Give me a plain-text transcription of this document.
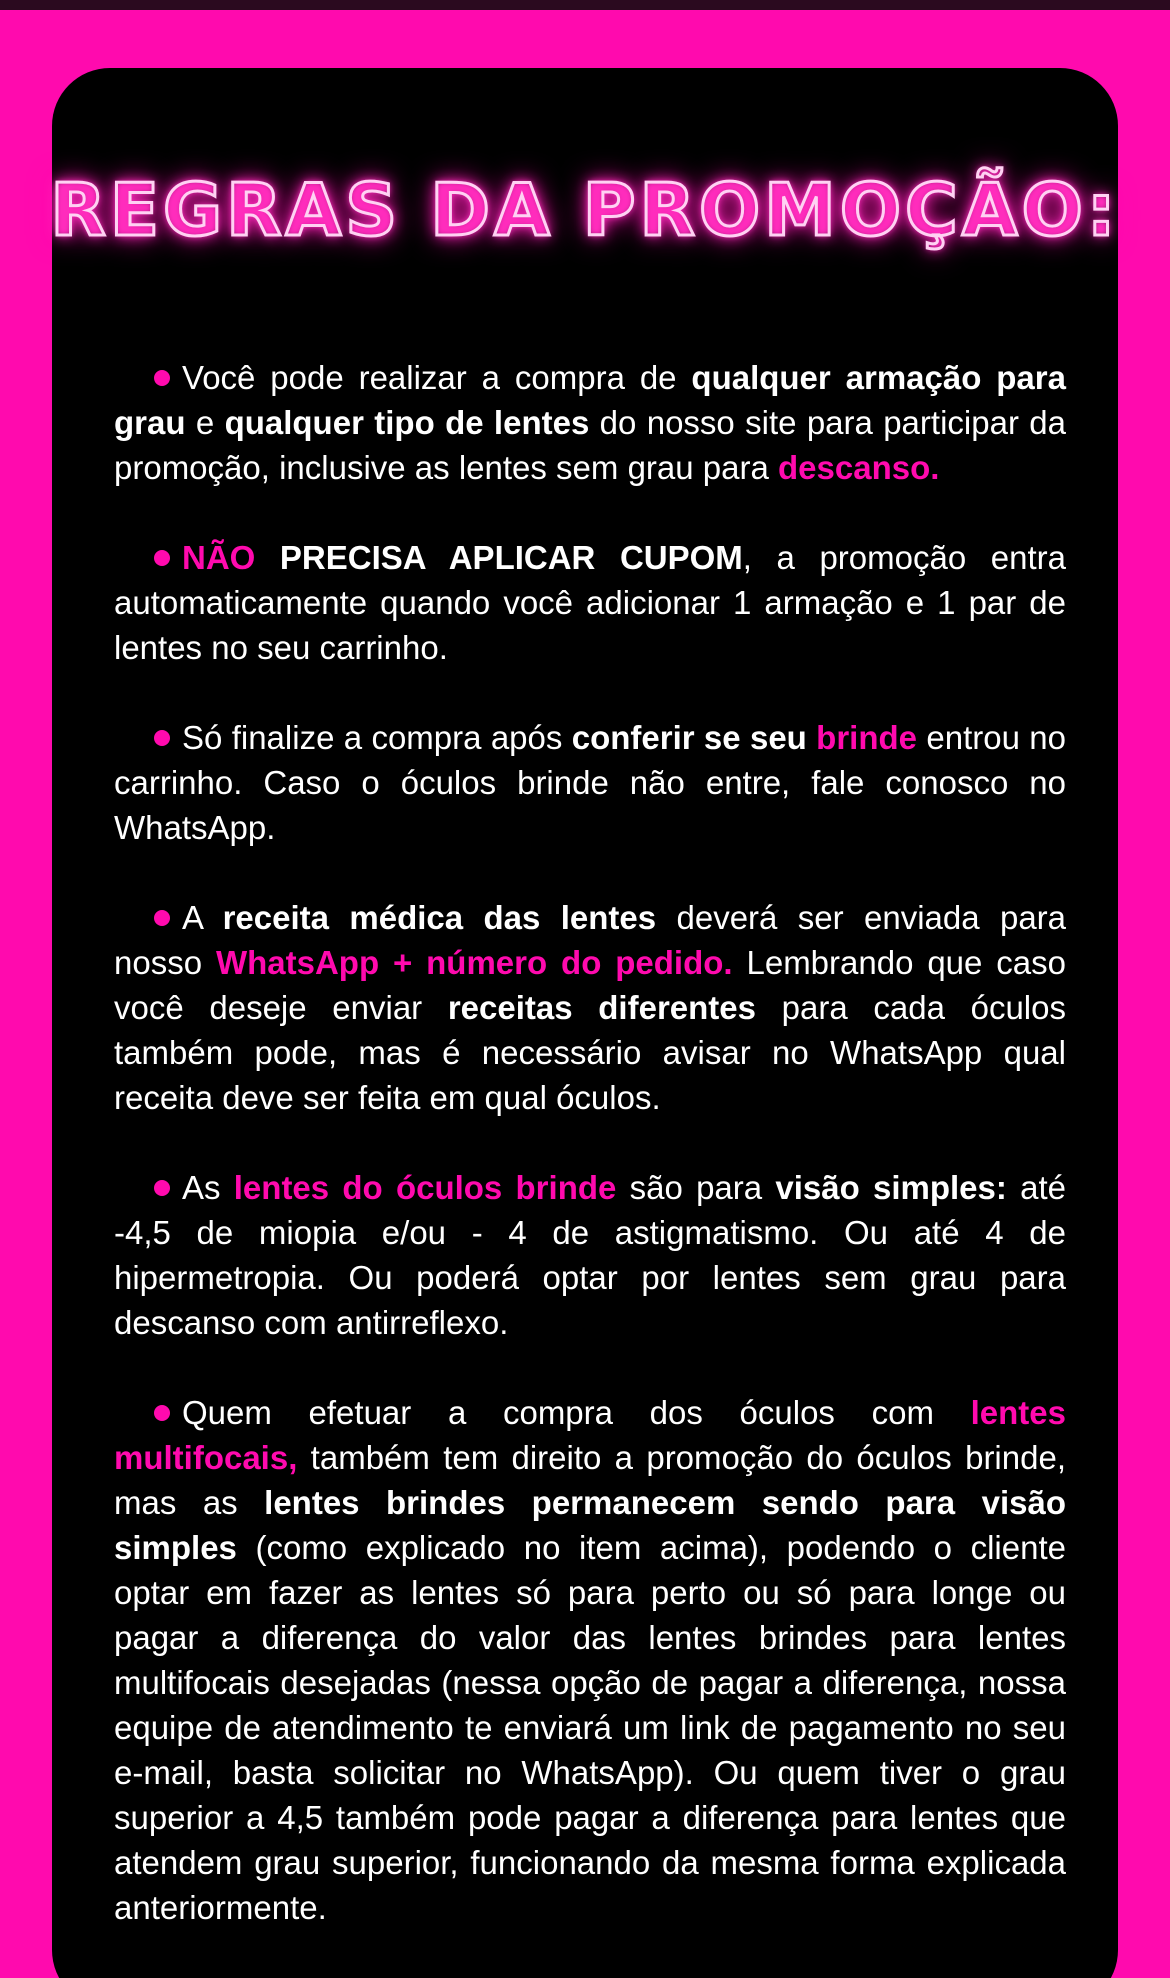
REGRAS DA PROMOÇÃO:

Você pode realizar a compra de qualquer armação para grau e qualquer tipo de lentes do nosso site para participar da promoção, inclusive as lentes sem grau para descanso.

NÃO PRECISA APLICAR CUPOM, a promoção entra automaticamente quando você adicionar 1 armação e 1 par de lentes no seu carrinho.

Só finalize a compra após conferir se seu brinde entrou no carrinho. Caso o óculos brinde não entre, fale conosco no WhatsApp.

A receita médica das lentes deverá ser enviada para nosso WhatsApp + número do pedido. Lembrando que caso você deseje enviar receitas diferentes para cada óculos também pode, mas é necessário avisar no WhatsApp qual receita deve ser feita em qual óculos.

As lentes do óculos brinde são para visão simples: até -4,5 de miopia e/ou - 4 de astigmatismo. Ou até 4 de hipermetropia. Ou poderá optar por lentes sem grau para descanso com antirreflexo.

Quem efetuar a compra dos óculos com lentes multifocais, também tem direito a promoção do óculos brinde, mas as lentes brindes permanecem sendo para visão simples (como explicado no item acima), podendo o cliente optar em fazer as lentes só para perto ou só para longe ou pagar a diferença do valor das lentes brindes para lentes multifocais desejadas (nessa opção de pagar a diferença, nossa equipe de atendimento te enviará um link de pagamento no seu e-mail, basta solicitar no WhatsApp). Ou quem tiver o grau superior a 4,5 também pode pagar a diferença para lentes que atendem grau superior, funcionando da mesma forma explicada anteriormente.
